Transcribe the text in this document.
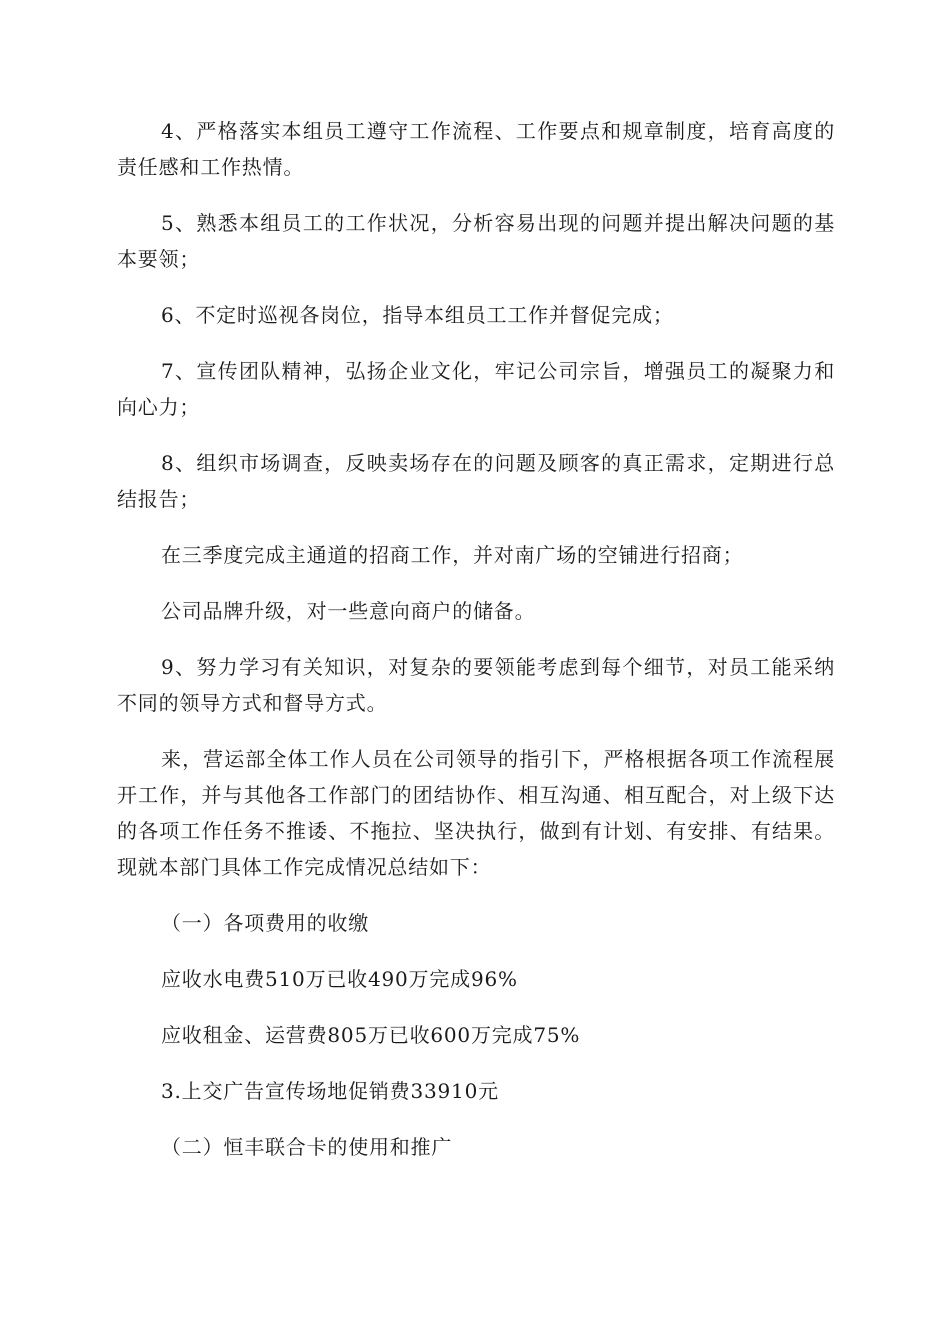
4、严格落实本组员工遵守工作流程、工作要点和规章制度，培育高度的责任感和工作热情。

5、熟悉本组员工的工作状况，分析容易出现的问题并提出解决问题的基本要领；

6、不定时巡视各岗位，指导本组员工工作并督促完成；

7、宣传团队精神，弘扬企业文化，牢记公司宗旨，增强员工的凝聚力和向心力；

8、组织市场调查，反映卖场存在的问题及顾客的真正需求，定期进行总结报告；

在三季度完成主通道的招商工作，并对南广场的空铺进行招商；

公司品牌升级，对一些意向商户的储备。

9、努力学习有关知识，对复杂的要领能考虑到每个细节，对员工能采纳不同的领导方式和督导方式。

来，营运部全体工作人员在公司领导的指引下，严格根据各项工作流程展开工作，并与其他各工作部门的团结协作、相互沟通、相互配合，对上级下达的各项工作任务不推诿、不拖拉、坚决执行，做到有计划、有安排、有结果。现就本部门具体工作完成情况总结如下：

（一）各项费用的收缴

应收水电费510万已收490万完成96%

应收租金、运营费805万已收600万完成75%

3.上交广告宣传场地促销费33910元

（二）恒丰联合卡的使用和推广
